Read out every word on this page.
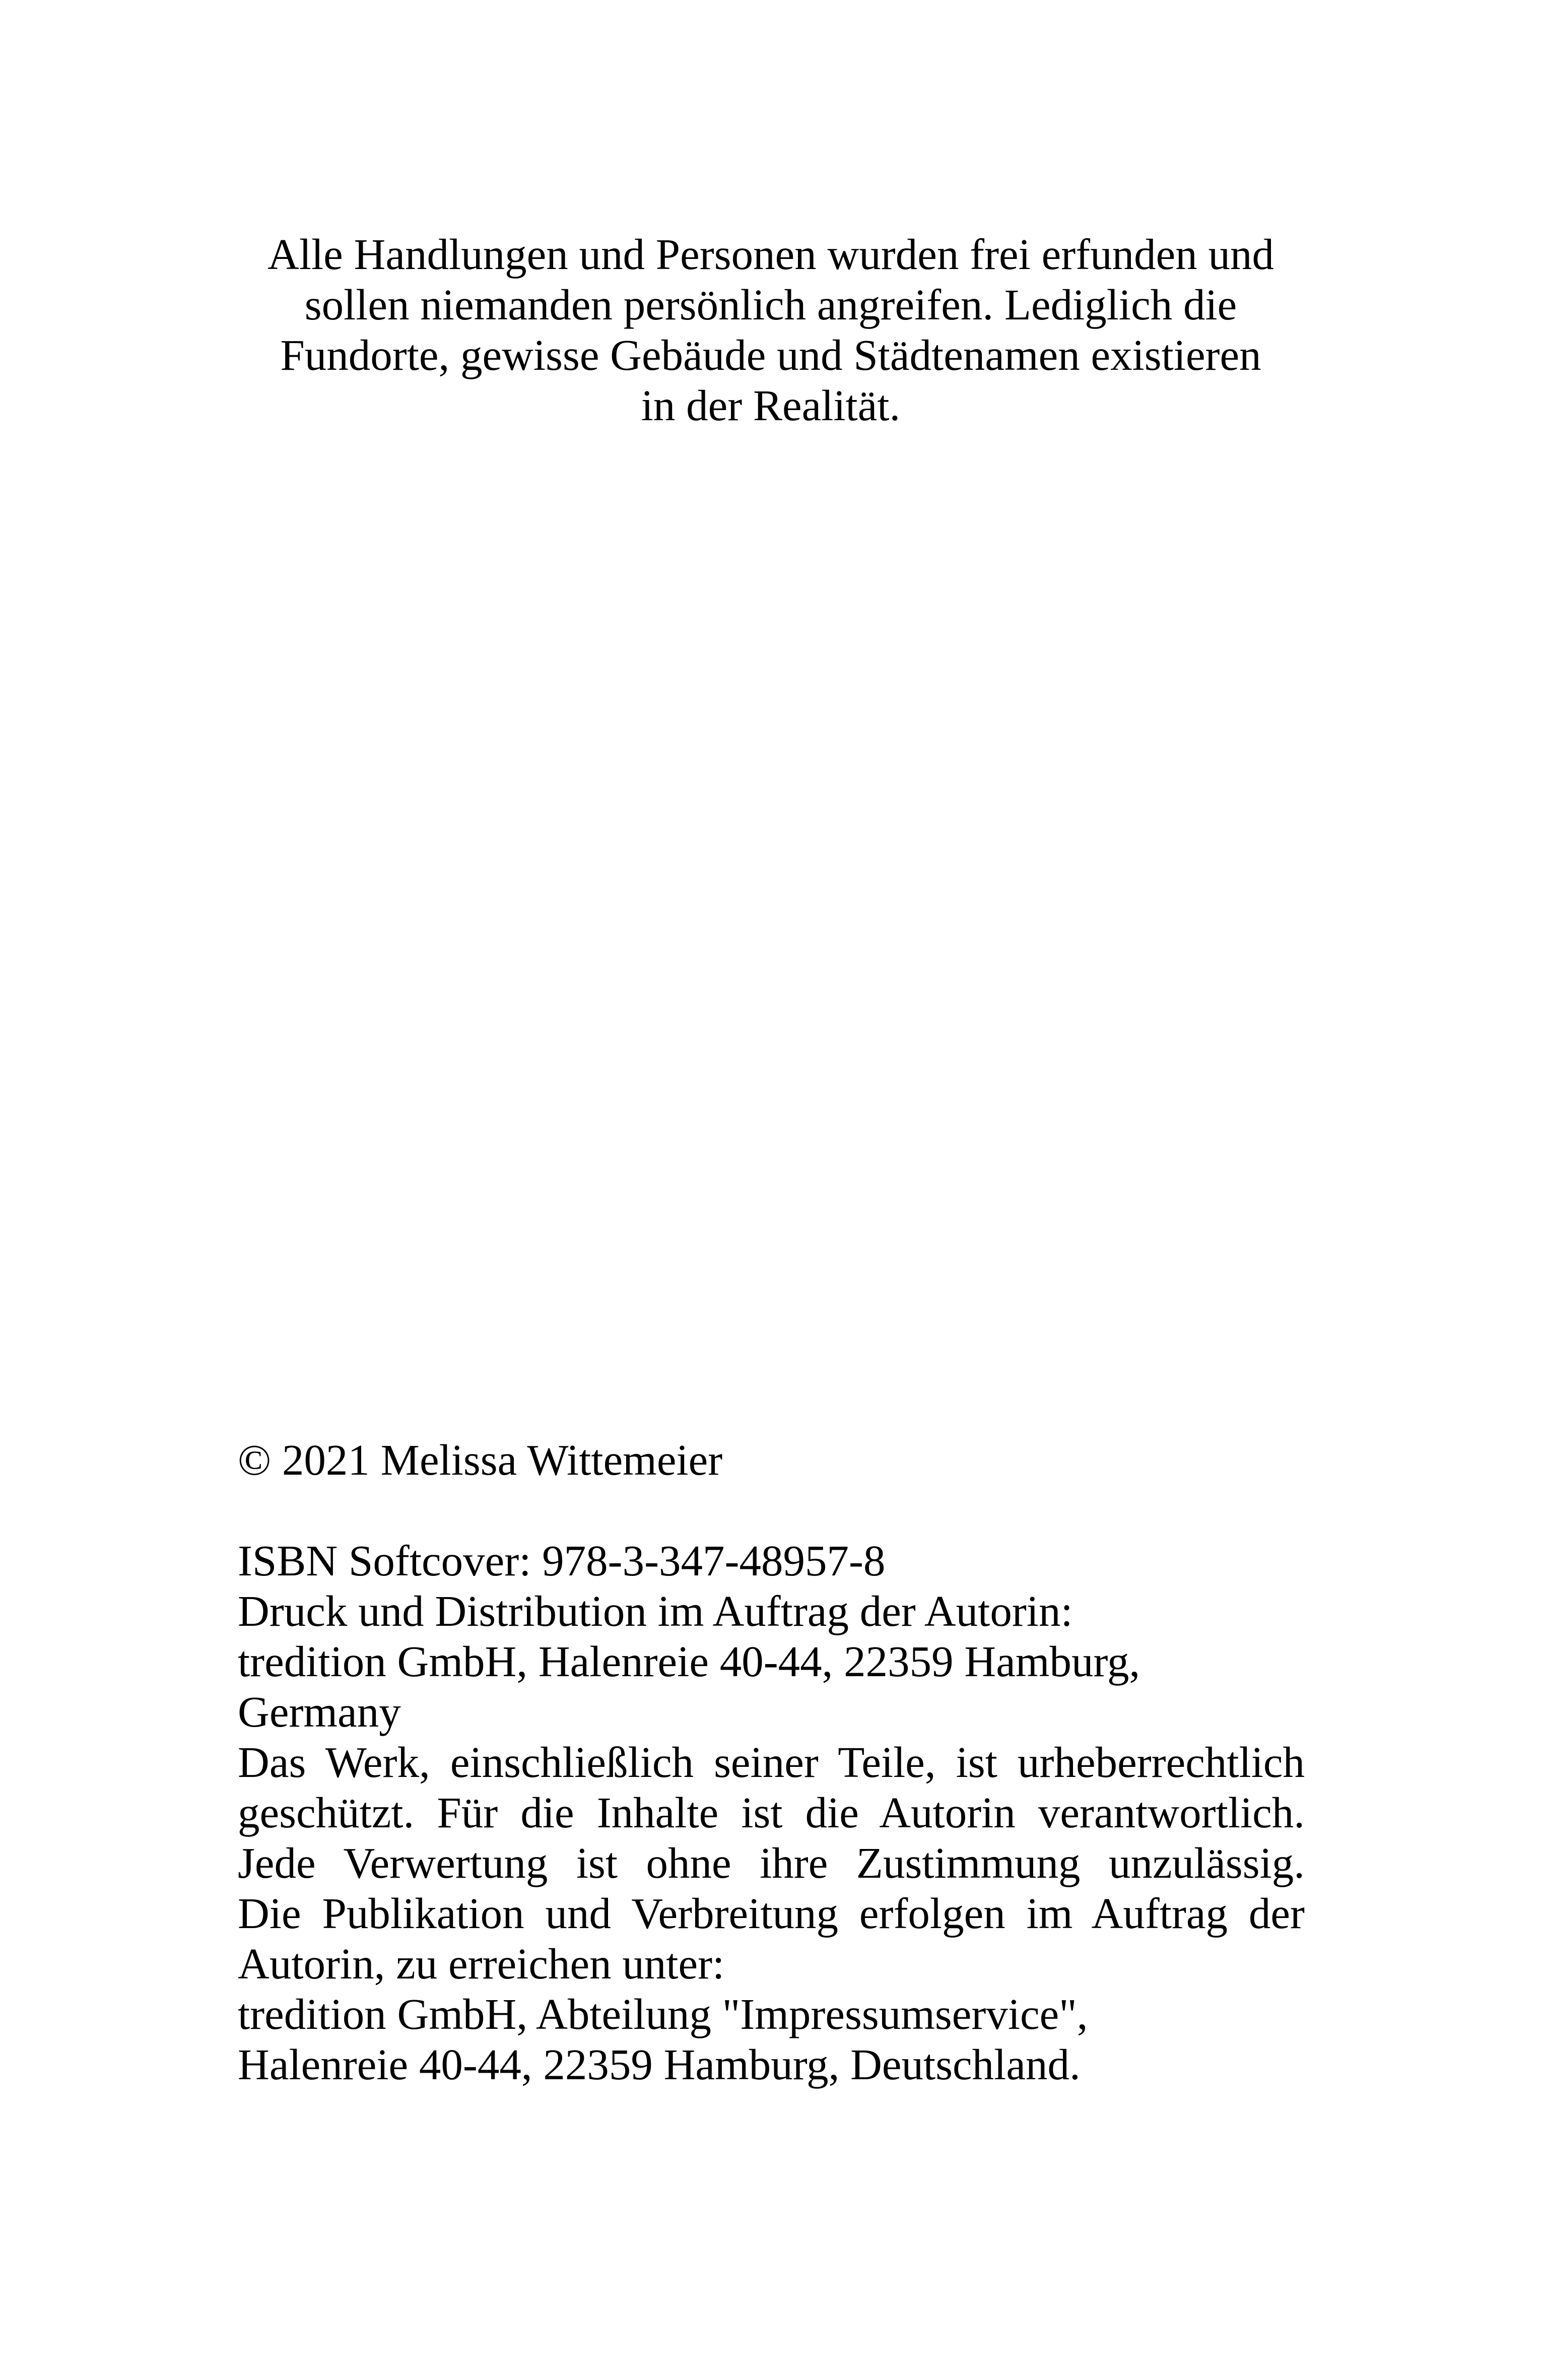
Alle Handlungen und Personen wurden frei erfunden und
sollen niemanden persönlich angreifen. Lediglich die
Fundorte, gewisse Gebäude und Städtenamen existieren
in der Realität.
© 2021 Melissa Wittemeier
ISBN Softcover: 978-3-347-48957-8
Druck und Distribution im Auftrag der Autorin:
tredition GmbH, Halenreie 40-44, 22359 Hamburg,
Germany
Das Werk, einschließlich seiner Teile, ist urheberrechtlich
geschützt. Für die Inhalte ist die Autorin verantwortlich.
Jede Verwertung ist ohne ihre Zustimmung unzulässig.
Die Publikation und Verbreitung erfolgen im Auftrag der
Autorin, zu erreichen unter:
tredition GmbH, Abteilung "Impressumservice",
Halenreie 40-44, 22359 Hamburg, Deutschland.
